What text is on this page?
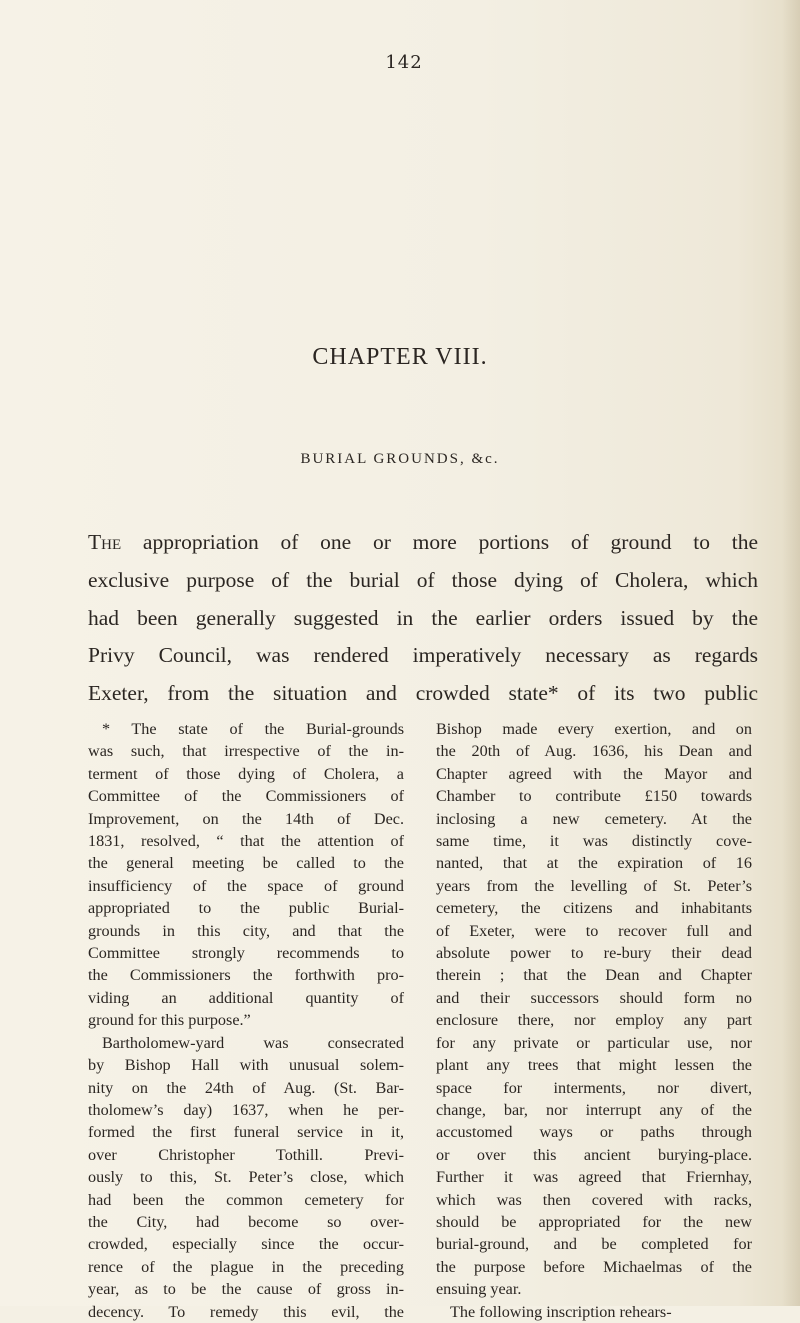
142
CHAPTER VIII.
BURIAL GROUNDS, &c.
The appropriation of one or more portions of ground to the
exclusive purpose of the burial of those dying of Cholera, which
had been generally suggested in the earlier orders issued by the
Privy Council, was rendered imperatively necessary as regards
Exeter, from the situation and crowded state* of its two public
* The state of the Burial-grounds
was such, that irrespective of the in-
terment of those dying of Cholera, a
Committee of the Commissioners of
Improvement, on the 14th of Dec.
1831, resolved, “ that the attention of
the general meeting be called to the
insufficiency of the space of ground
appropriated to the public Burial-
grounds in this city, and that the
Committee strongly recommends to
the Commissioners the forthwith pro-
viding an additional quantity of
ground for this purpose.”
Bartholomew-yard was consecrated
by Bishop Hall with unusual solem-
nity on the 24th of Aug. (St. Bar-
tholomew’s day) 1637, when he per-
formed the first funeral service in it,
over Christopher Tothill. Previ-
ously to this, St. Peter’s close, which
had been the common cemetery for
the City, had become so over-
crowded, especially since the occur-
rence of the plague in the preceding
year, as to be the cause of gross in-
decency. To remedy this evil, the
Bishop made every exertion, and on
the 20th of Aug. 1636, his Dean and
Chapter agreed with the Mayor and
Chamber to contribute £150 towards
inclosing a new cemetery. At the
same time, it was distinctly cove-
nanted, that at the expiration of 16
years from the levelling of St. Peter’s
cemetery, the citizens and inhabitants
of Exeter, were to recover full and
absolute power to re-bury their dead
therein ; that the Dean and Chapter
and their successors should form no
enclosure there, nor employ any part
for any private or particular use, nor
plant any trees that might lessen the
space for interments, nor divert,
change, bar, nor interrupt any of the
accustomed ways or paths through
or over this ancient burying-place.
Further it was agreed that Friernhay,
which was then covered with racks,
should be appropriated for the new
burial-ground, and be completed for
the purpose before Michaelmas of the
ensuing year.
The following inscription rehears-
